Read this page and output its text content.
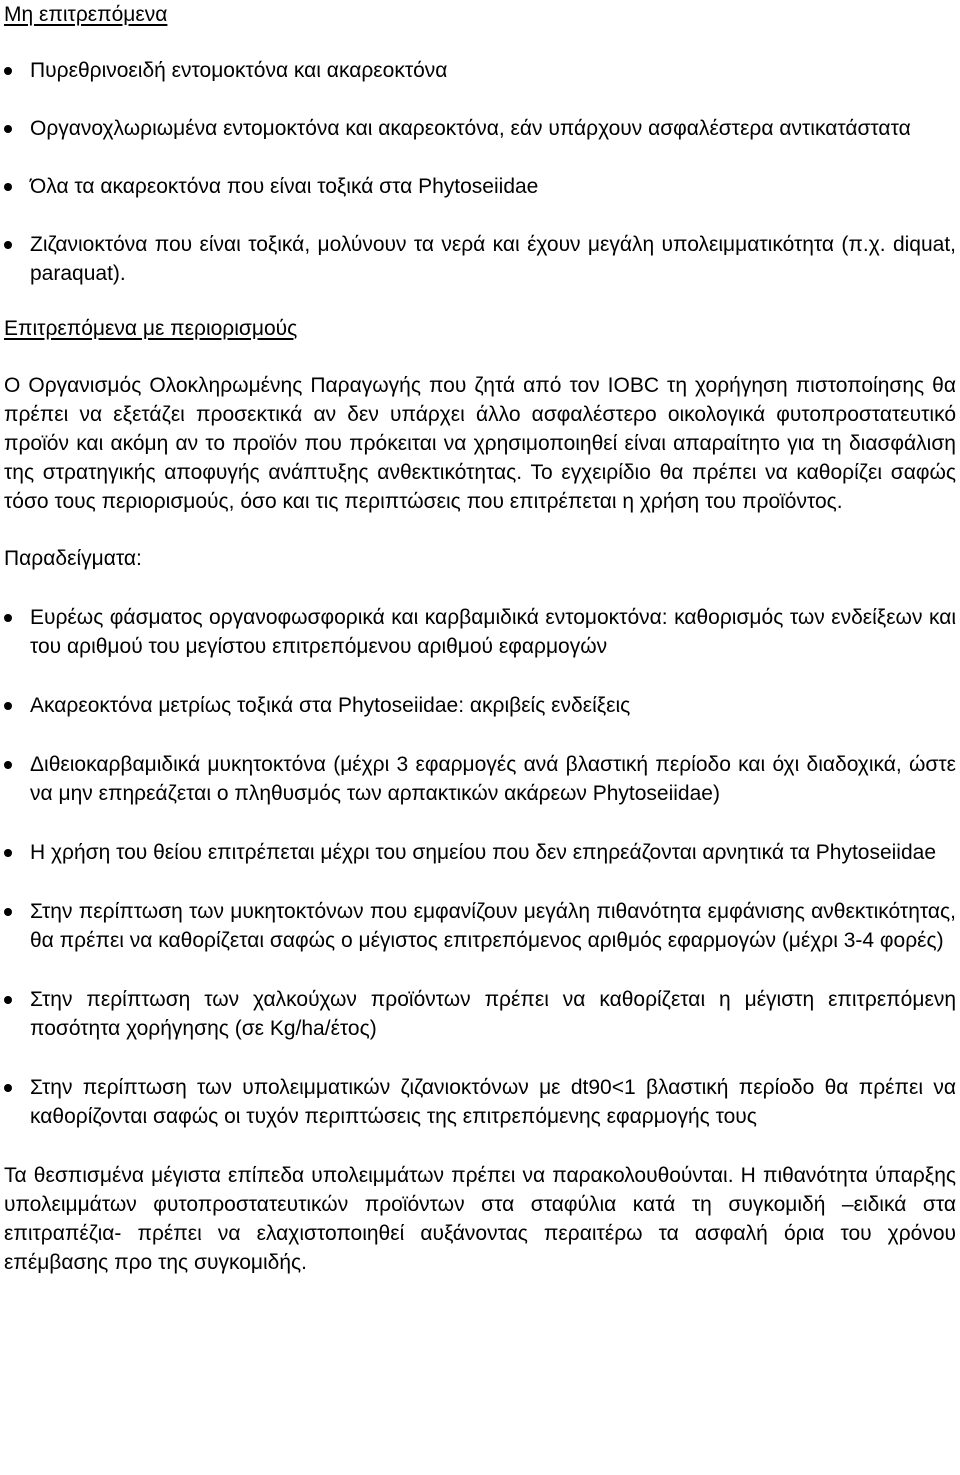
Μη επιτρεπόμενα
Πυρεθρινοειδή εντομοκτόνα και ακαρεοκτόνα
Οργανοχλωριωμένα εντομοκτόνα και ακαρεοκτόνα, εάν υπάρχουν ασφαλέστερα αντικατάστατα
Όλα τα ακαρεοκτόνα που είναι τοξικά στα Phytoseiidae
Ζιζανιοκτόνα που είναι τοξικά, μολύνουν τα νερά και έχουν μεγάλη υπολειμματικότητα (π.χ. diquat, paraquat).
Επιτρεπόμενα με περιορισμούς

Ο Οργανισμός Ολοκληρωμένης Παραγωγής που ζητά από τον IOBC τη χορήγηση πιστοποίησης θα πρέπει να εξετάζει προσεκτικά αν δεν υπάρχει άλλο ασφαλέστερο οικολογικά φυτοπροστατευτικό προϊόν και ακόμη αν το προϊόν που πρόκειται να χρησιμοποιηθεί είναι απαραίτητο για τη διασφάλιση της στρατηγικής αποφυγής ανάπτυξης ανθεκτικότητας. Το εγχειρίδιο θα πρέπει να καθορίζει σαφώς τόσο τους περιορισμούς, όσο και τις περιπτώσεις που επιτρέπεται η χρήση του προϊόντος.

Παραδείγματα:

Ευρέως φάσματος οργανοφωσφορικά και καρβαμιδικά εντομοκτόνα: καθορισμός των ενδείξεων και του αριθμού του μεγίστου επιτρεπόμενου αριθμού εφαρμογών
Ακαρεοκτόνα μετρίως τοξικά στα Phytoseiidae: ακριβείς ενδείξεις
Διθειοκαρβαμιδικά μυκητοκτόνα (μέχρι 3 εφαρμογές ανά βλαστική περίοδο και όχι διαδοχικά, ώστε να μην επηρεάζεται ο πληθυσμός των αρπακτικών ακάρεων Phytoseiidae)
Η χρήση του θείου επιτρέπεται μέχρι του σημείου που δεν επηρεάζονται αρνητικά τα Phytoseiidae
Στην περίπτωση των μυκητοκτόνων που εμφανίζουν μεγάλη πιθανότητα εμφάνισης ανθεκτικότητας, θα πρέπει να καθορίζεται σαφώς ο μέγιστος επιτρεπόμενος αριθμός εφαρμογών (μέχρι 3-4 φορές)
Στην περίπτωση των χαλκούχων προϊόντων πρέπει να καθορίζεται η μέγιστη επιτρεπόμενη ποσότητα χορήγησης (σε Kg/ha/έτος)
Στην περίπτωση των υπολειμματικών ζιζανιοκτόνων με dt90<1 βλαστική περίοδο θα πρέπει να καθορίζονται σαφώς οι τυχόν περιπτώσεις της επιτρεπόμενης εφαρμογής τους

Τα θεσπισμένα μέγιστα επίπεδα υπολειμμάτων πρέπει να παρακολουθούνται. Η πιθανότητα ύπαρξης υπολειμμάτων φυτοπροστατευτικών προϊόντων στα σταφύλια κατά τη συγκομιδή –ειδικά στα επιτραπέζια- πρέπει να ελαχιστοποιηθεί αυξάνοντας περαιτέρω τα ασφαλή όρια του χρόνου επέμβασης προ της συγκομιδής.
